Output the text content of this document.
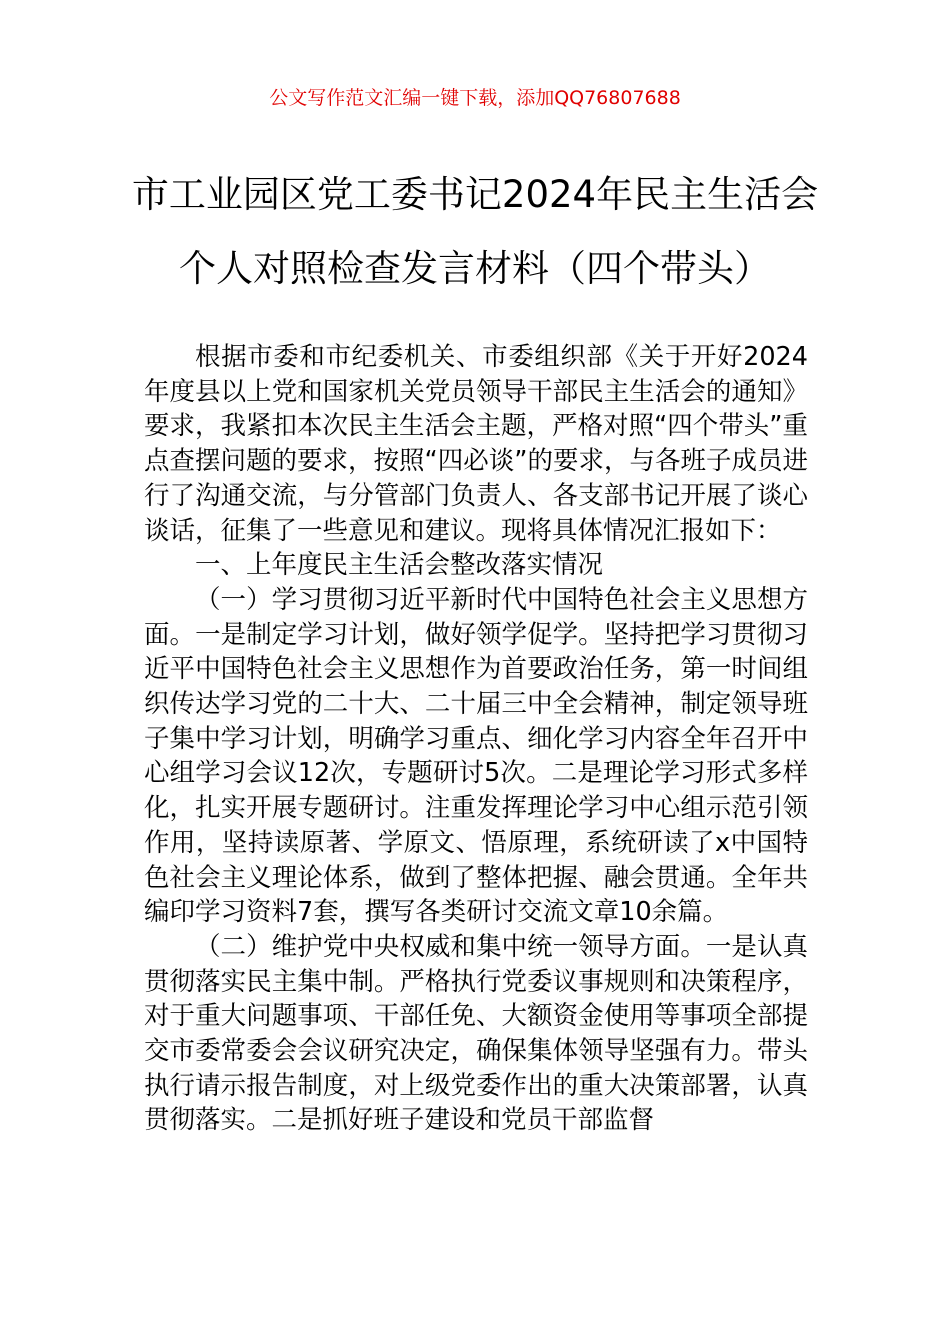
公文写作范文汇编一键下载，添加QQ76807688
市工业园区党工委书记2024年民主生活会
个人对照检查发言材料（四个带头）

根据市委和市纪委机关、市委组织部《关于开好2024年度县以上党和国家机关党员领导干部民主生活会的通知》要求，我紧扣本次民主生活会主题，严格对照“四个带头”重点查摆问题的要求，按照“四必谈”的要求，与各班子成员进行了沟通交流，与分管部门负责人、各支部书记开展了谈心谈话，征集了一些意见和建议。现将具体情况汇报如下：

一、上年度民主生活会整改落实情况

（一）学习贯彻习近平新时代中国特色社会主义思想方面。一是制定学习计划，做好领学促学。坚持把学习贯彻习近平中国特色社会主义思想作为首要政治任务，第一时间组织传达学习党的二十大、二十届三中全会精神，制定领导班子集中学习计划，明确学习重点、细化学习内容全年召开中心组学习会议12次，专题研讨5次。二是理论学习形式多样化，扎实开展专题研讨。注重发挥理论学习中心组示范引领作用，坚持读原著、学原文、悟原理，系统研读了x中国特色社会主义理论体系，做到了整体把握、融会贯通。全年共编印学习资料7套，撰写各类研讨交流文章10余篇。

（二）维护党中央权威和集中统一领导方面。一是认真贯彻落实民主集中制。严格执行党委议事规则和决策程序，对于重大问题事项、干部任免、大额资金使用等事项全部提交市委常委会会议研究决定，确保集体领导坚强有力。带头执行请示报告制度，对上级党委作出的重大决策部署，认真贯彻落实。二是抓好班子建设和党员干部监督
